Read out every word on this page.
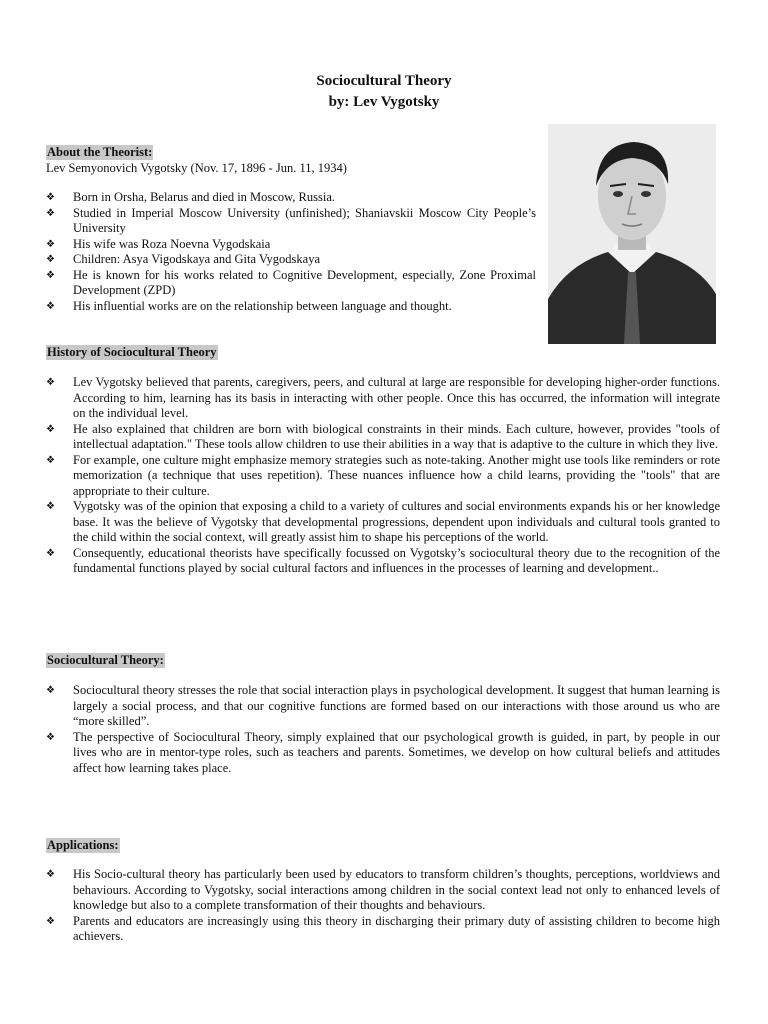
Sociocultural Theory
by: Lev Vygotsky
About the Theorist:
Lev Semyonovich Vygotsky (Nov. 17, 1896 - Jun. 11, 1934)
❖ Born in Orsha, Belarus and died in Moscow, Russia.
❖ Studied in Imperial Moscow University (unfinished); Shaniavskii Moscow City People’s University
❖ His wife was Roza Noevna Vygodskaia
❖ Children: Asya Vigodskaya and Gita Vygodskaya
❖ He is known for his works related to Cognitive Development, especially, Zone Proximal Development (ZPD)
❖ His influential works are on the relationship between language and thought.
History of Sociocultural Theory
❖ Lev Vygotsky believed that parents, caregivers, peers, and cultural at large are responsible for developing higher-order functions. According to him, learning has its basis in interacting with other people. Once this has occurred, the information will integrate on the individual level.
❖ He also explained that children are born with biological constraints in their minds. Each culture, however, provides "tools of intellectual adaptation." These tools allow children to use their abilities in a way that is adaptive to the culture in which they live.
❖ For example, one culture might emphasize memory strategies such as note-taking. Another might use tools like reminders or rote memorization (a technique that uses repetition). These nuances influence how a child learns, providing the "tools" that are appropriate to their culture.
❖ Vygotsky was of the opinion that exposing a child to a variety of cultures and social environments expands his or her knowledge base. It was the believe of Vygotsky that developmental progressions, dependent upon individuals and cultural tools granted to the child within the social context, will greatly assist him to shape his perceptions of the world.
❖ Consequently, educational theorists have specifically focussed on Vygotsky’s sociocultural theory due to the recognition of the fundamental functions played by social cultural factors and influences in the processes of learning and development..
Sociocultural Theory:
❖ Sociocultural theory stresses the role that social interaction plays in psychological development. It suggest that human learning is largely a social process, and that our cognitive functions are formed based on our interactions with those around us who are “more skilled”.
❖ The perspective of Sociocultural Theory, simply explained that our psychological growth is guided, in part, by people in our lives who are in mentor-type roles, such as teachers and parents. Sometimes, we develop on how cultural beliefs and attitudes affect how learning takes place.
Applications:
❖ His Socio-cultural theory has particularly been used by educators to transform children’s thoughts, perceptions, worldviews and behaviours. According to Vygotsky, social interactions among children in the social context lead not only to enhanced levels of knowledge but also to a complete transformation of their thoughts and behaviours.
❖ Parents and educators are increasingly using this theory in discharging their primary duty of assisting children to become high achievers.
